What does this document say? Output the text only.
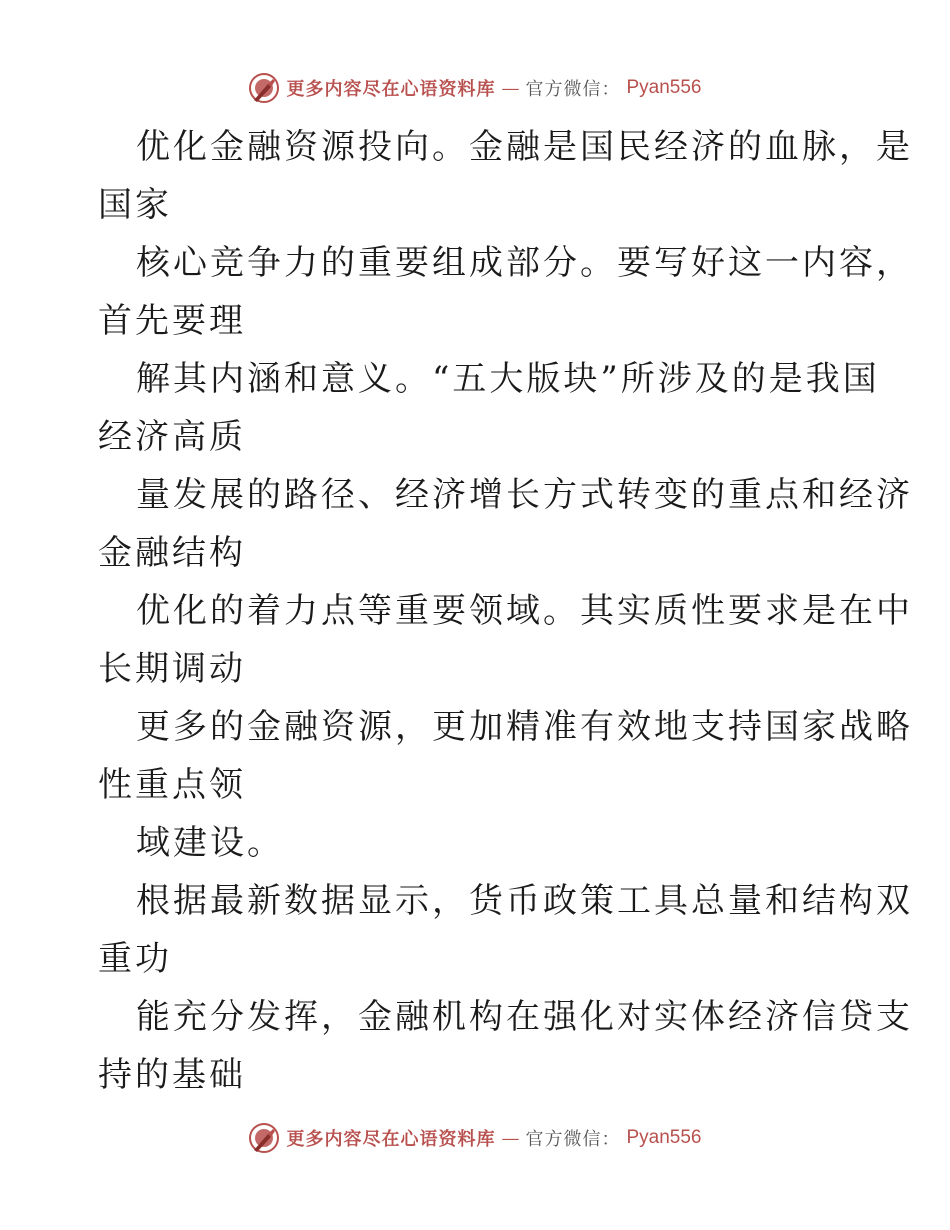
更多内容尽在心语资料库 — 官方微信： Pyan556
优化金融资源投向。金融是国民经济的血脉，是
国家
核心竞争力的重要组成部分。要写好这一内容，
首先要理
解其内涵和意义。“五大版块”所涉及的是我国
经济高质
量发展的路径、经济增长方式转变的重点和经济
金融结构
优化的着力点等重要领域。其实质性要求是在中
长期调动
更多的金融资源，更加精准有效地支持国家战略
性重点领
域建设。
根据最新数据显示，货币政策工具总量和结构双
重功
能充分发挥，金融机构在强化对实体经济信贷支
持的基础
更多内容尽在心语资料库 — 官方微信： Pyan556
